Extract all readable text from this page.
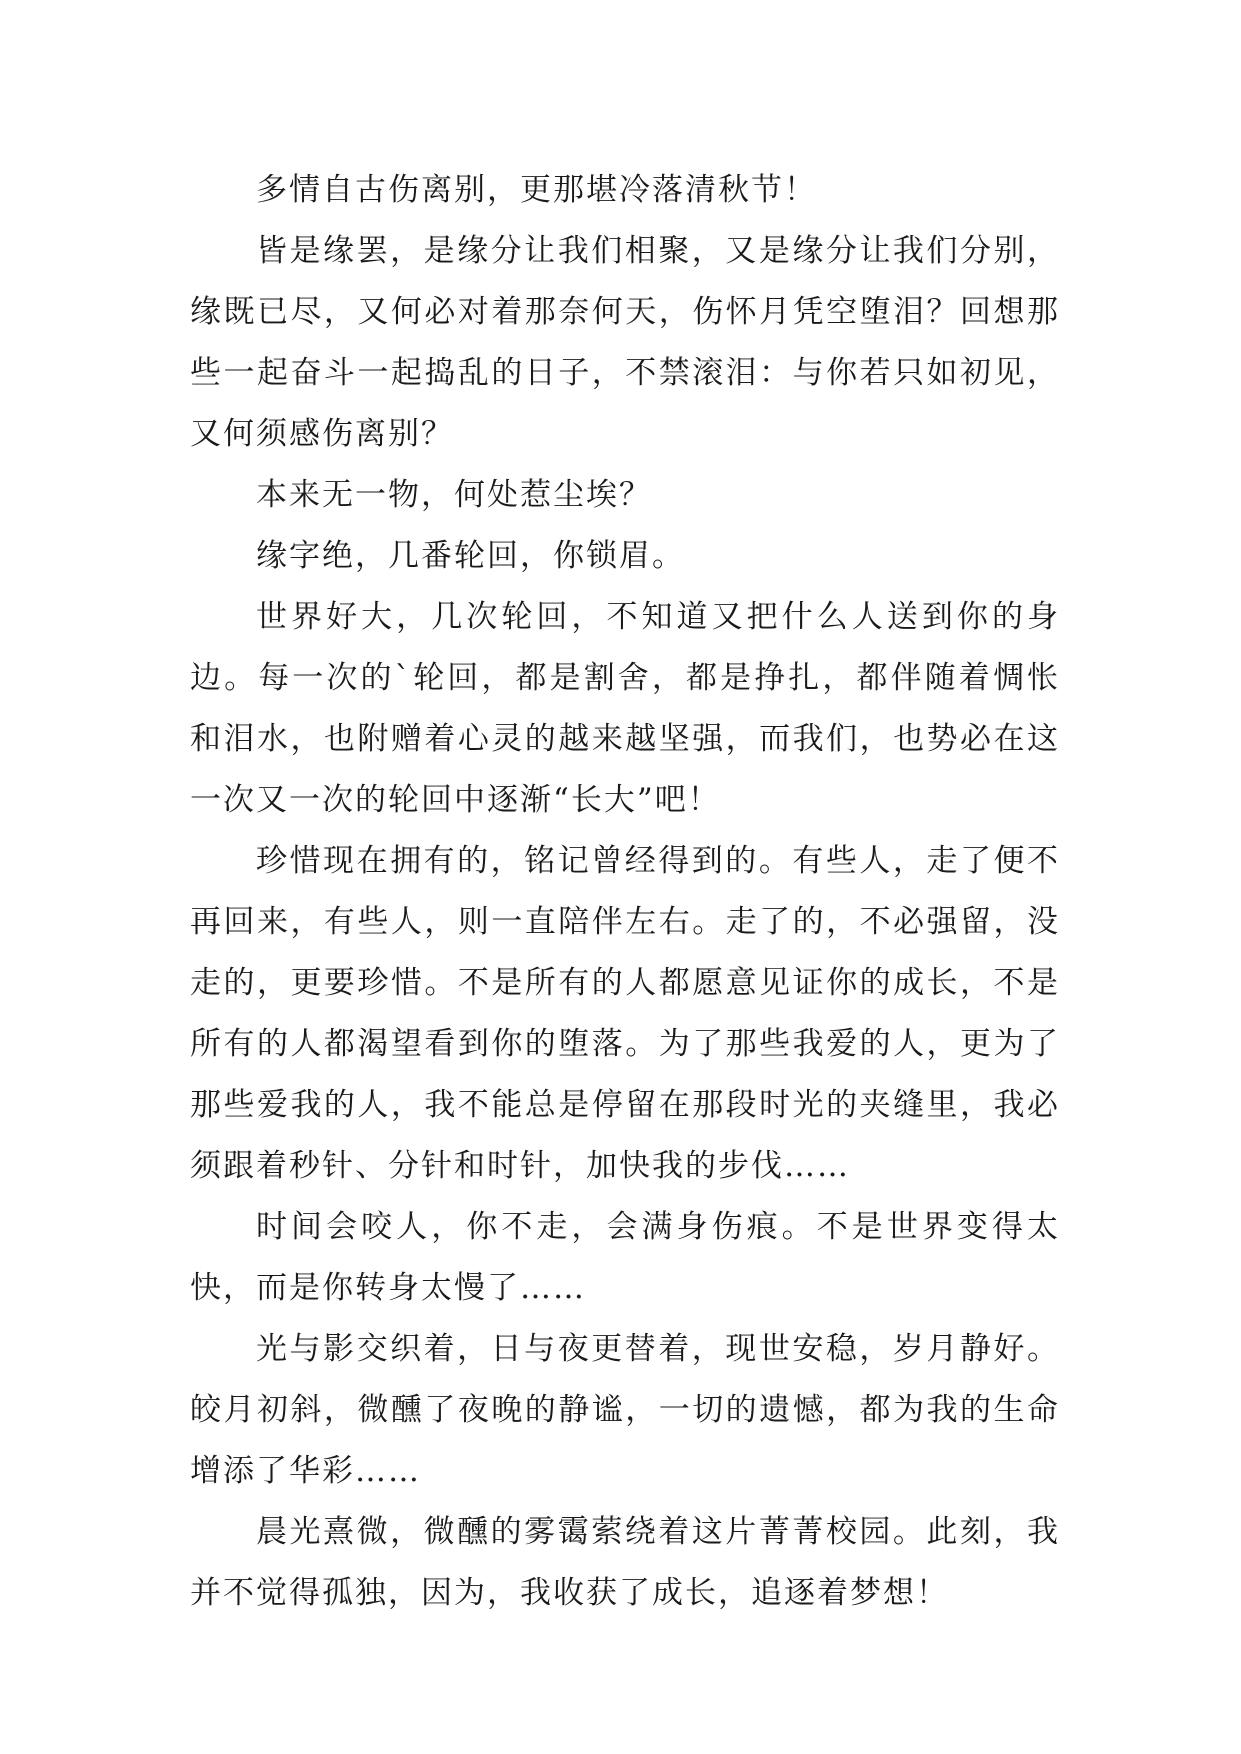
多情自古伤离别，更那堪冷落清秋节！

皆是缘罢，是缘分让我们相聚，又是缘分让我们分别，缘既已尽，又何必对着那奈何天，伤怀月凭空堕泪？回想那些一起奋斗一起捣乱的日子，不禁滚泪：与你若只如初见，又何须感伤离别？

本来无一物，何处惹尘埃？

缘字绝，几番轮回，你锁眉。

世界好大，几次轮回，不知道又把什么人送到你的身边。每一次的`轮回，都是割舍，都是挣扎，都伴随着惆怅和泪水，也附赠着心灵的越来越坚强，而我们，也势必在这一次又一次的轮回中逐渐“长大”吧！

珍惜现在拥有的，铭记曾经得到的。有些人，走了便不再回来，有些人，则一直陪伴左右。走了的，不必强留，没走的，更要珍惜。不是所有的人都愿意见证你的成长，不是所有的人都渴望看到你的堕落。为了那些我爱的人，更为了那些爱我的人，我不能总是停留在那段时光的夹缝里，我必须跟着秒针、分针和时针，加快我的步伐……

时间会咬人，你不走，会满身伤痕。不是世界变得太快，而是你转身太慢了……

光与影交织着，日与夜更替着，现世安稳，岁月静好。皎月初斜，微醺了夜晚的静谧，一切的遗憾，都为我的生命增添了华彩……

晨光熹微，微醺的雾霭萦绕着这片菁菁校园。此刻，我并不觉得孤独，因为，我收获了成长，追逐着梦想！
